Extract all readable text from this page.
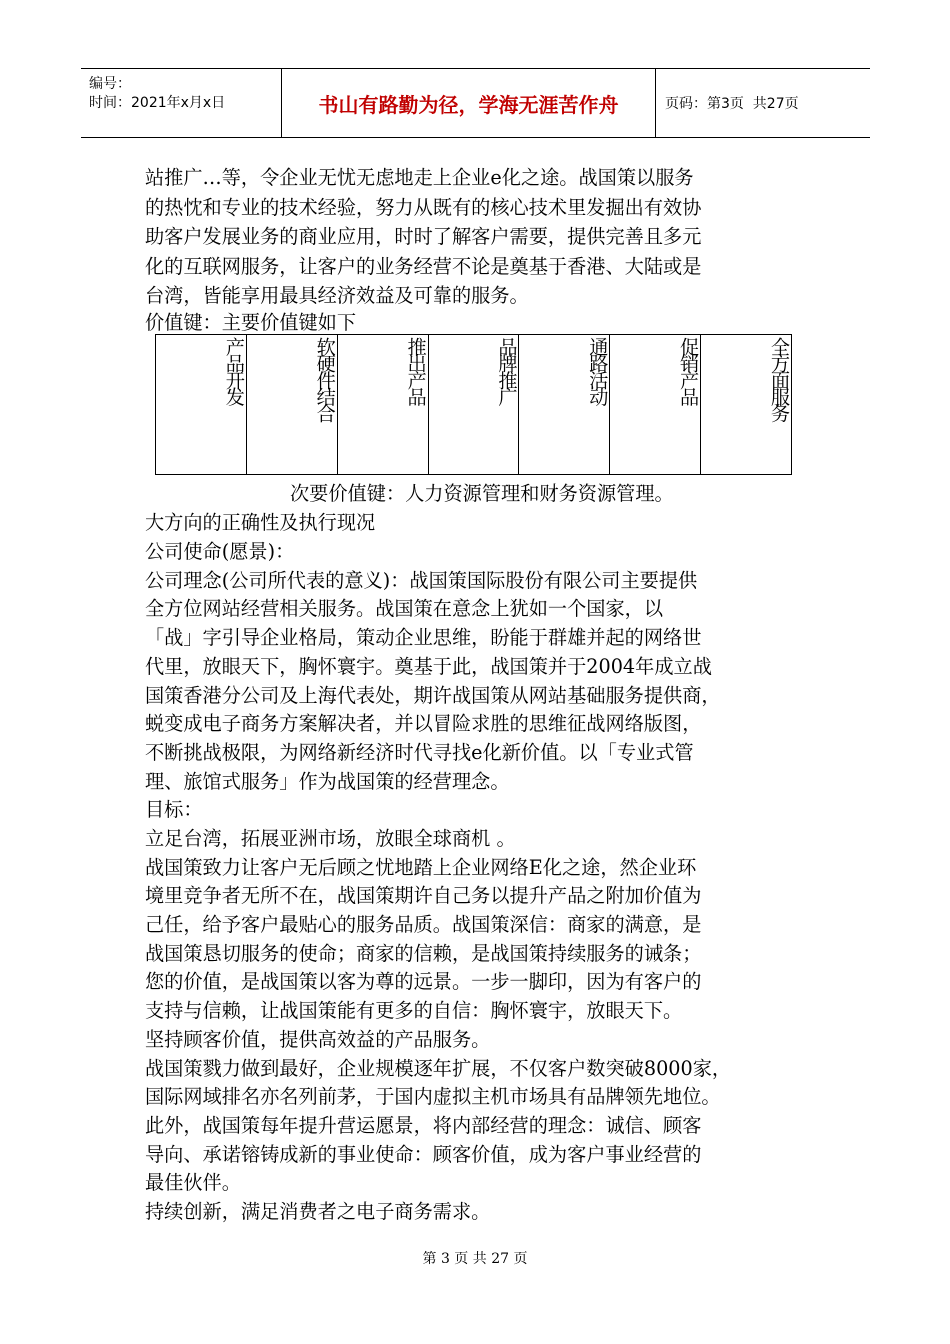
编号：
时间：2021年x月x日	书山有路勤为径，学海无涯苦作舟	页码：第3页  共27页
站推广…等，令企业无忧无虑地走上企业e化之途。战国策以服务
的热忱和专业的技术经验，努力从既有的核心技术里发掘出有效协
助客户发展业务的商业应用，时时了解客户需要，提供完善且多元
化的互联网服务，让客户的业务经营不论是奠基于香港、大陆或是
台湾，皆能享用最具经济效益及可靠的服务。
价值键：主要价值键如下
产品开发	软硬件结合	推出产品	品牌推广	通路活动	促销产品	全方面服务
次要价值键：人力资源管理和财务资源管理。
大方向的正确性及执行现况
公司使命(愿景)：
公司理念(公司所代表的意义)：战国策国际股份有限公司主要提供
全方位网站经营相关服务。战国策在意念上犹如一个国家，以
「战」字引导企业格局，策动企业思维，盼能于群雄并起的网络世
代里，放眼天下，胸怀寰宇。奠基于此，战国策并于2004年成立战
国策香港分公司及上海代表处，期许战国策从网站基础服务提供商，
蜕变成电子商务方案解决者，并以冒险求胜的思维征战网络版图，
不断挑战极限，为网络新经济时代寻找e化新价值。以「专业式管
理、旅馆式服务」作为战国策的经营理念。
目标：
立足台湾，拓展亚洲市场，放眼全球商机 。
战国策致力让客户无后顾之忧地踏上企业网络E化之途，然企业环
境里竞争者无所不在，战国策期许自己务以提升产品之附加价值为
己任，给予客户最贴心的服务品质。战国策深信：商家的满意，是
战国策恳切服务的使命；商家的信赖，是战国策持续服务的诫条；
您的价值，是战国策以客为尊的远景。一步一脚印，因为有客户的
支持与信赖，让战国策能有更多的自信：胸怀寰宇，放眼天下。
坚持顾客价值，提供高效益的产品服务。
战国策戮力做到最好，企业规模逐年扩展，不仅客户数突破8000家，
国际网域排名亦名列前茅，于国内虚拟主机市场具有品牌领先地位。
此外，战国策每年提升营运愿景，将内部经营的理念：诚信、顾客
导向、承诺镕铸成新的事业使命：顾客价值，成为客户事业经营的
最佳伙伴。
持续创新，满足消费者之电子商务需求。
第 3 页 共 27 页
